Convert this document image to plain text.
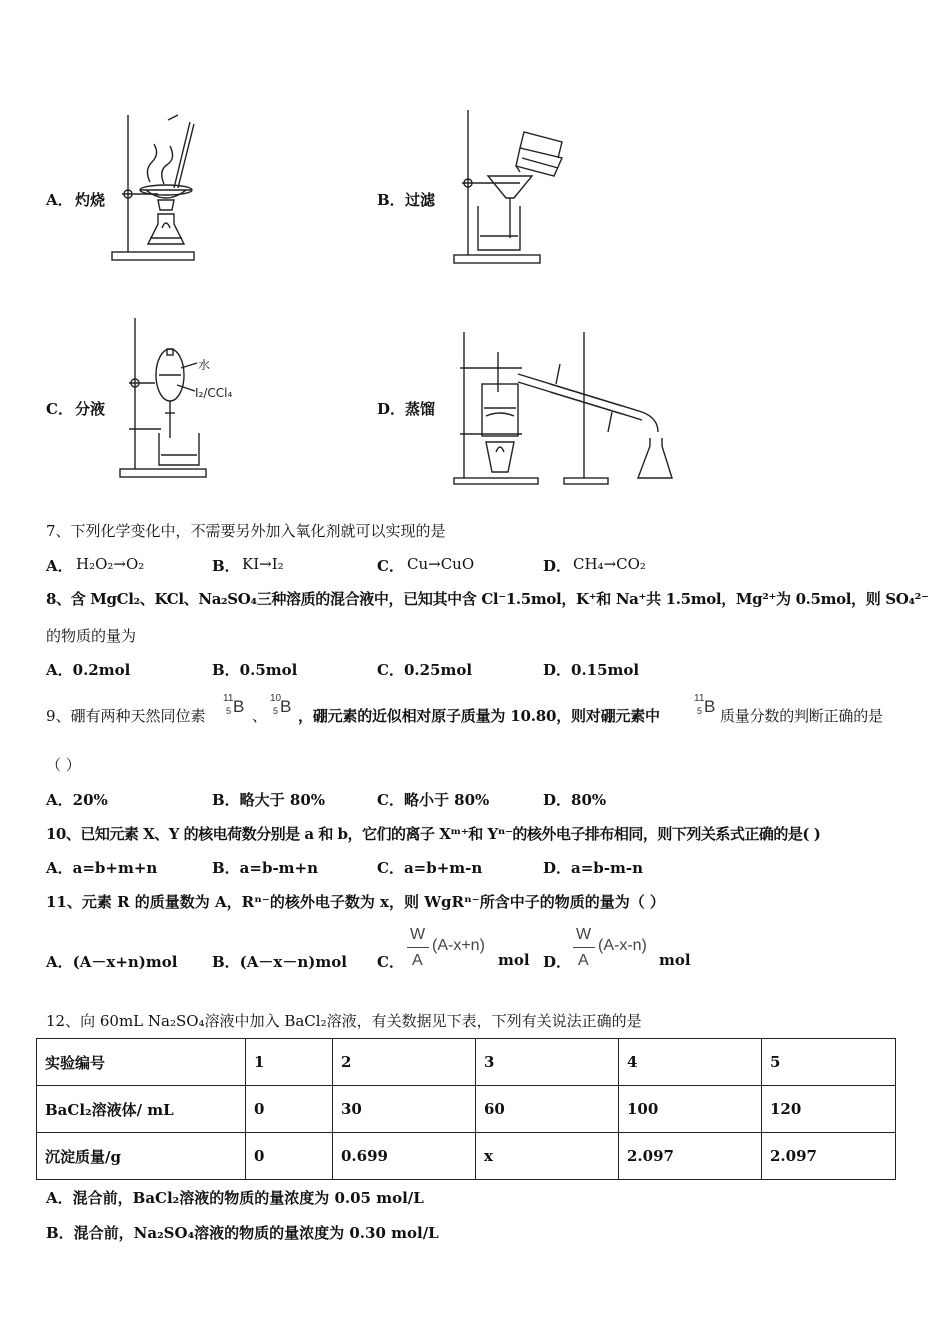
A． 灼烧	B． 过滤
C． 分液
水
I₂/CCl₄
D． 蒸馏
7、下列化学变化中，不需要另外加入氧化剂就可以实现的是
A． H₂O₂→O₂	B． KI→I₂	C． Cu→CuO	D． CH₄→CO₂
8、含 MgCl₂、KCl、Na₂SO₄三种溶质的混合液中，已知其中含 Cl⁻1.5mol，K⁺和 Na⁺共 1.5mol，Mg²⁺为 0.5mol，则 SO₄²⁻
的物质的量为
A．0.2mol	B．0.5mol	C．0.25mol	D．0.15mol
9、硼有两种天然同位素
11
5 B 、
10
5 B ，硼元素的近似相对原子质量为 10.80，则对硼元素中
11
5 B 质量分数的判断正确的是
（ ）
A．20%	B．略大于 80%	C．略小于 80%	D．80%
10、已知元素 X、Y 的核电荷数分别是 a 和 b，它们的离子 Xᵐ⁺和 Yⁿ⁻的核外电子排布相同，则下列关系式正确的是( )
A．a=b+m+n	B．a=b-m+n	C．a=b+m-n	D．a=b-m-n
11、元素 R 的质量数为 A，Rⁿ⁻的核外电子数为 x，则 WgRⁿ⁻所含中子的物质的量为（ ）
A．(A－x+n)mol B．(A－x－n)mol C．
W
A
(A-x+n)
mol D．
W
A
(A-x-n)
mol
12、向 60mL Na₂SO₄溶液中加入 BaCl₂溶液，有关数据见下表，下列有关说法正确的是
实验编号	1	2	3	4	5
BaCl₂溶液体/ mL	0	30	60	100	120
沉淀质量/g	0	0.699	x	2.097	2.097
A．混合前，BaCl₂溶液的物质的量浓度为 0.05 mol/L
B．混合前，Na₂SO₄溶液的物质的量浓度为 0.30 mol/L
